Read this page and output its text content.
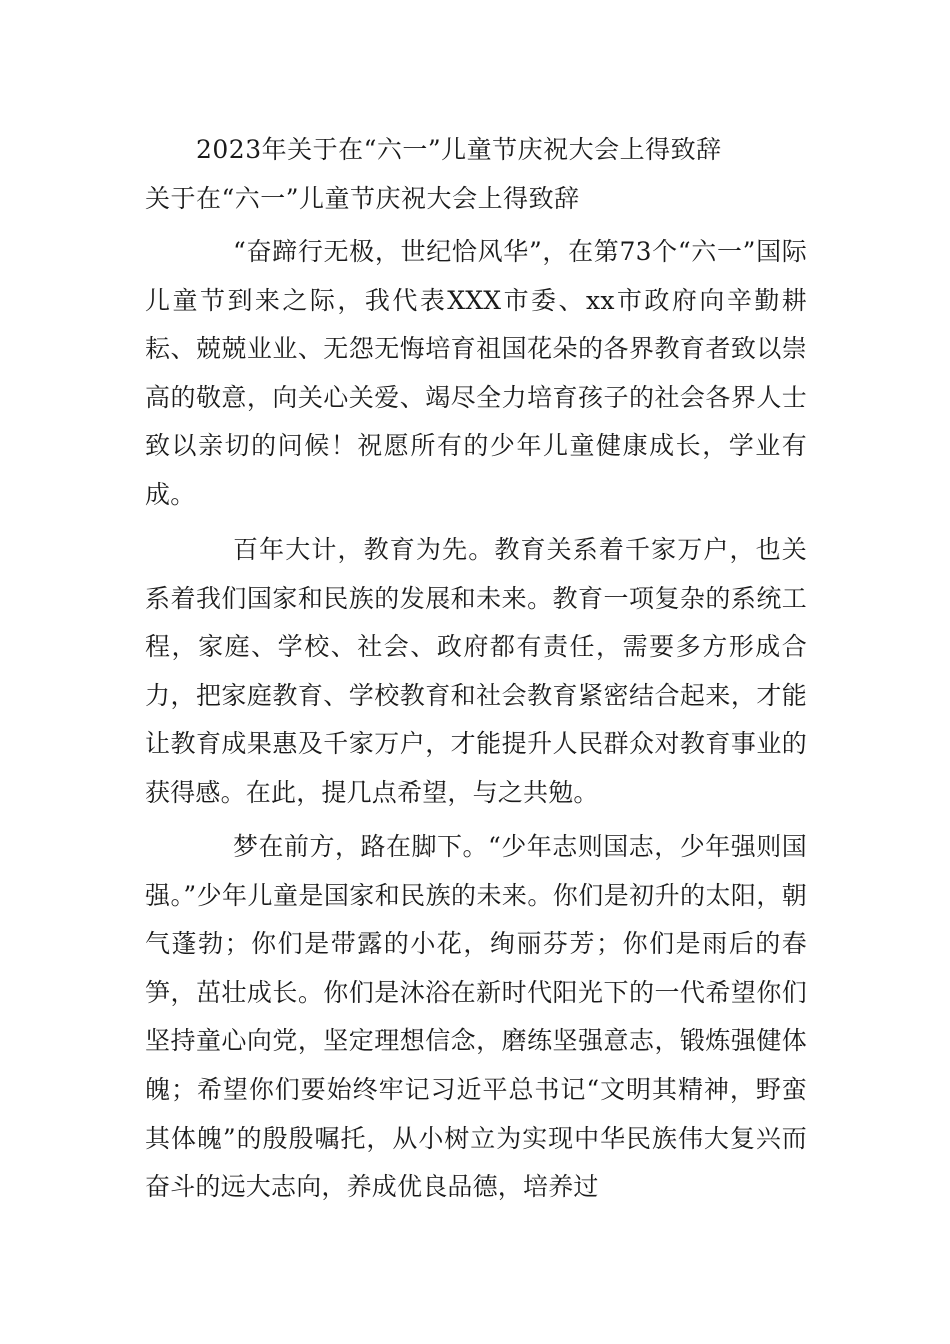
2023年关于在“六一”儿童节庆祝大会上得致辞
关于在“六一”儿童节庆祝大会上得致辞

“奋蹄行无极，世纪恰风华”，在第73个“六一”国际儿童节到来之际，我代表XXX市委、xx市政府向辛勤耕耘、兢兢业业、无怨无悔培育祖国花朵的各界教育者致以崇高的敬意，向关心关爱、竭尽全力培育孩子的社会各界人士致以亲切的问候！祝愿所有的少年儿童健康成长，学业有成。

百年大计，教育为先。教育关系着千家万户，也关系着我们国家和民族的发展和未来。教育一项复杂的系统工程，家庭、学校、社会、政府都有责任，需要多方形成合力，把家庭教育、学校教育和社会教育紧密结合起来，才能让教育成果惠及千家万户，才能提升人民群众对教育事业的获得感。在此，提几点希望，与之共勉。

梦在前方，路在脚下。“少年志则国志，少年强则国强。”少年儿童是国家和民族的未来。你们是初升的太阳，朝气蓬勃；你们是带露的小花，绚丽芬芳；你们是雨后的春笋，茁壮成长。你们是沐浴在新时代阳光下的一代希望你们坚持童心向党，坚定理想信念，磨练坚强意志，锻炼强健体魄；希望你们要始终牢记习近平总书记“文明其精神，野蛮其体魄”的殷殷嘱托，从小树立为实现中华民族伟大复兴而奋斗的远大志向，养成优良品德，培养过
